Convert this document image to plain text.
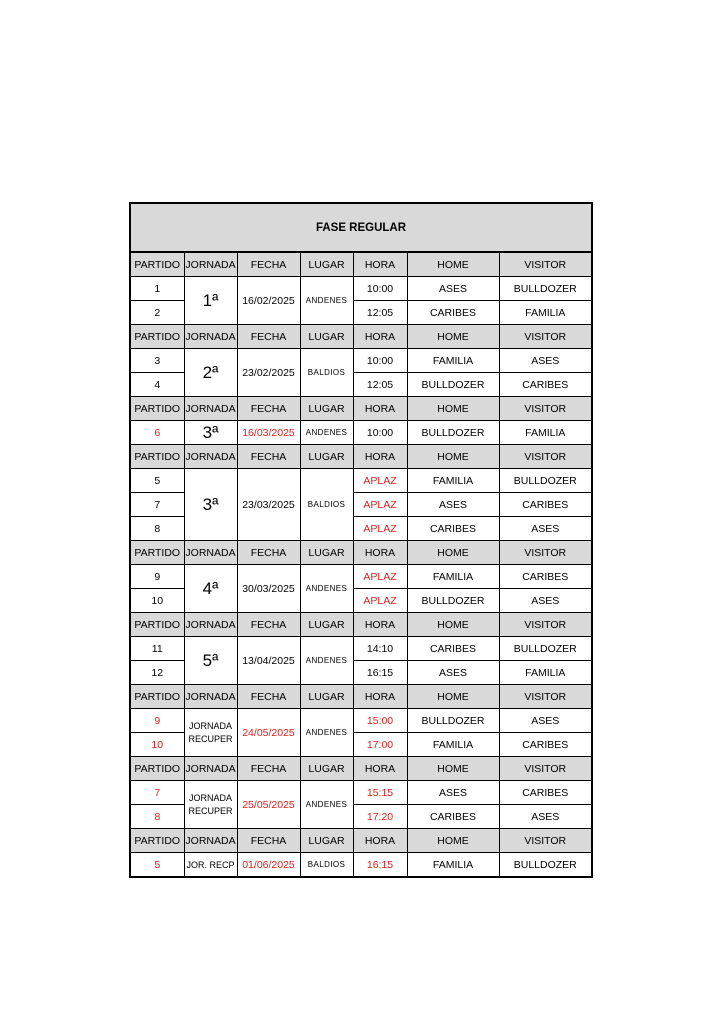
FASE REGULAR						
PARTIDO	JORNADA	FECHA	LUGAR	HORA	HOME	VISITOR
1	1ª	16/02/2025	ANDENES	10:00	ASES	BULLDOZER
2				12:05	CARIBES	FAMILIA
PARTIDO	JORNADA	FECHA	LUGAR	HORA	HOME	VISITOR
3	2ª	23/02/2025	BALDIOS	10:00	FAMILIA	ASES
4				12:05	BULLDOZER	CARIBES
PARTIDO	JORNADA	FECHA	LUGAR	HORA	HOME	VISITOR
6	3ª	16/03/2025	ANDENES	10:00	BULLDOZER	FAMILIA
PARTIDO	JORNADA	FECHA	LUGAR	HORA	HOME	VISITOR
5	3ª	23/03/2025	BALDIOS	APLAZ	FAMILIA	BULLDOZER
7				APLAZ	ASES	CARIBES
8				APLAZ	CARIBES	ASES
PARTIDO	JORNADA	FECHA	LUGAR	HORA	HOME	VISITOR
9	4ª	30/03/2025	ANDENES	APLAZ	FAMILIA	CARIBES
10				APLAZ	BULLDOZER	ASES
PARTIDO	JORNADA	FECHA	LUGAR	HORA	HOME	VISITOR
11	5ª	13/04/2025	ANDENES	14:10	CARIBES	BULLDOZER
12				16:15	ASES	FAMILIA
PARTIDO	JORNADA	FECHA	LUGAR	HORA	HOME	VISITOR
9	JORNADA RECUPER	24/05/2025	ANDENES	15:00	BULLDOZER	ASES
10				17:00	FAMILIA	CARIBES
PARTIDO	JORNADA	FECHA	LUGAR	HORA	HOME	VISITOR
7	JORNADA RECUPER	25/05/2025	ANDENES	15:15	ASES	CARIBES
8				17:20	CARIBES	ASES
PARTIDO	JORNADA	FECHA	LUGAR	HORA	HOME	VISITOR
5	JOR. RECP	01/06/2025	BALDIOS	16:15	FAMILIA	BULLDOZER
